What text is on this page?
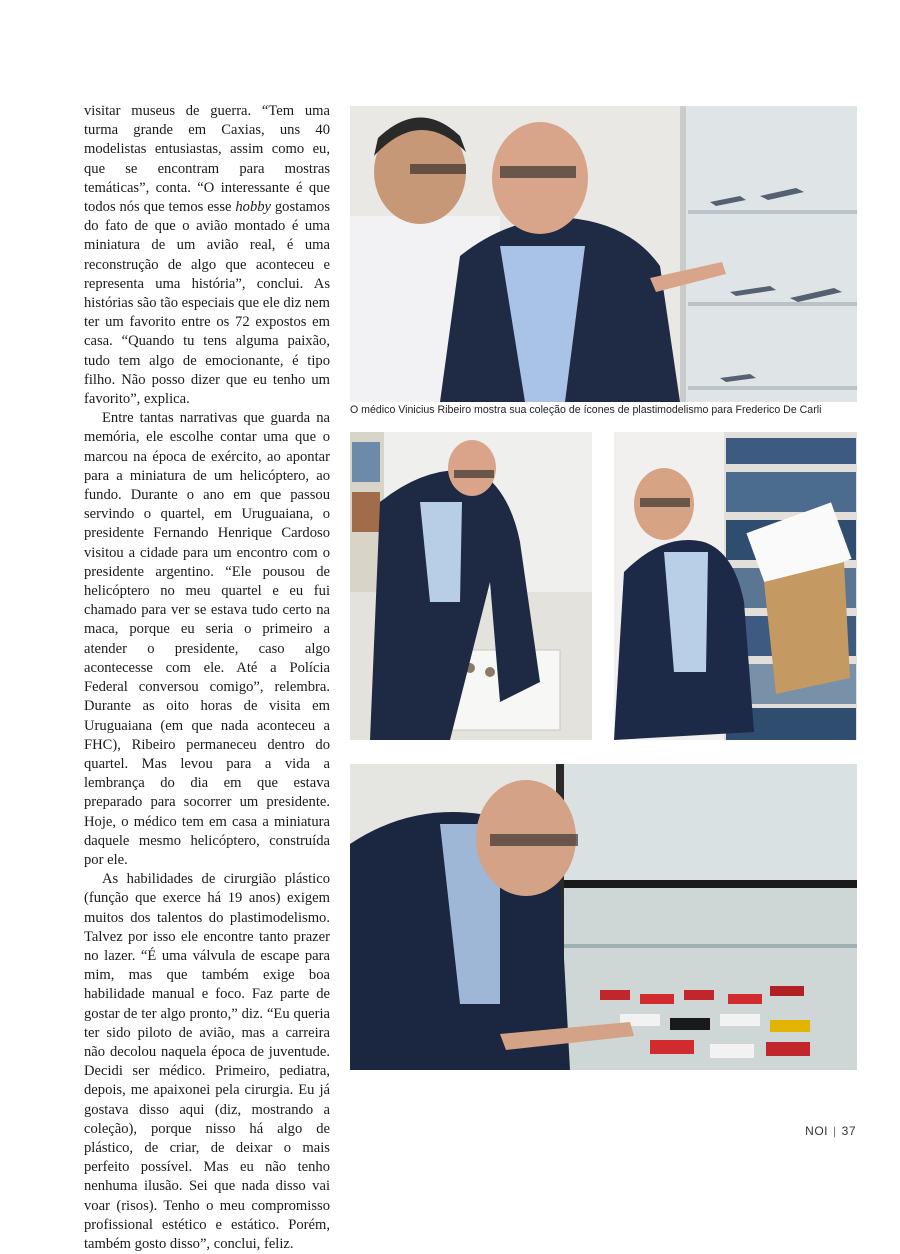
visitar museus de guerra. “Tem uma turma grande em Caxias, uns 40 modelistas entusiastas, assim como eu, que se encontram para mostras temáticas”, conta. “O interessante é que todos nós que temos esse hobby gostamos do fato de que o avião montado é uma miniatura de um avião real, é uma reconstrução de algo que aconteceu e representa uma história”, conclui. As histórias são tão especiais que ele diz nem ter um favorito entre os 72 expostos em casa. “Quando tu tens alguma paixão, tudo tem algo de emocionante, é tipo filho. Não posso dizer que eu tenho um favorito”, explica.

Entre tantas narrativas que guarda na memória, ele escolhe contar uma que o marcou na época de exército, ao apontar para a miniatura de um helicóptero, ao fundo. Durante o ano em que passou servindo o quartel, em Uruguaiana, o presidente Fernando Henrique Cardoso visitou a cidade para um encontro com o presidente argentino. “Ele pousou de helicóptero no meu quartel e eu fui chamado para ver se estava tudo certo na maca, porque eu seria o primeiro a atender o presidente, caso algo acontecesse com ele. Até a Polícia Federal conversou comigo”, relembra. Durante as oito horas de visita em Uruguaiana (em que nada aconteceu a FHC), Ribeiro permaneceu dentro do quartel. Mas levou para a vida a lembrança do dia em que estava preparado para socorrer um presidente. Hoje, o médico tem em casa a miniatura daquele mesmo helicóptero, construída por ele.

As habilidades de cirurgião plástico (função que exerce há 19 anos) exigem muitos dos talentos do plastimodelismo. Talvez por isso ele encontre tanto prazer no lazer. “É uma válvula de escape para mim, mas que também exige boa habilidade manual e foco. Faz parte de gostar de ter algo pronto,” diz. “Eu queria ter sido piloto de avião, mas a carreira não decolou naquela época de juventude. Decidi ser médico. Primeiro, pediatra, depois, me apaixonei pela cirurgia. Eu já gostava disso aqui (diz, mostrando a coleção), porque nisso há algo de plástico, de criar, de deixar o mais perfeito possível. Mas eu não tenho nenhuma ilusão. Sei que nada disso vai voar (risos). Tenho o meu compromisso profissional estético e estático. Porém, também gosto disso”, conclui, feliz.

O médico Vinicius Ribeiro mostra sua coleção de ícones de plastimodelismo para Frederico De Carli
NOI | 37
